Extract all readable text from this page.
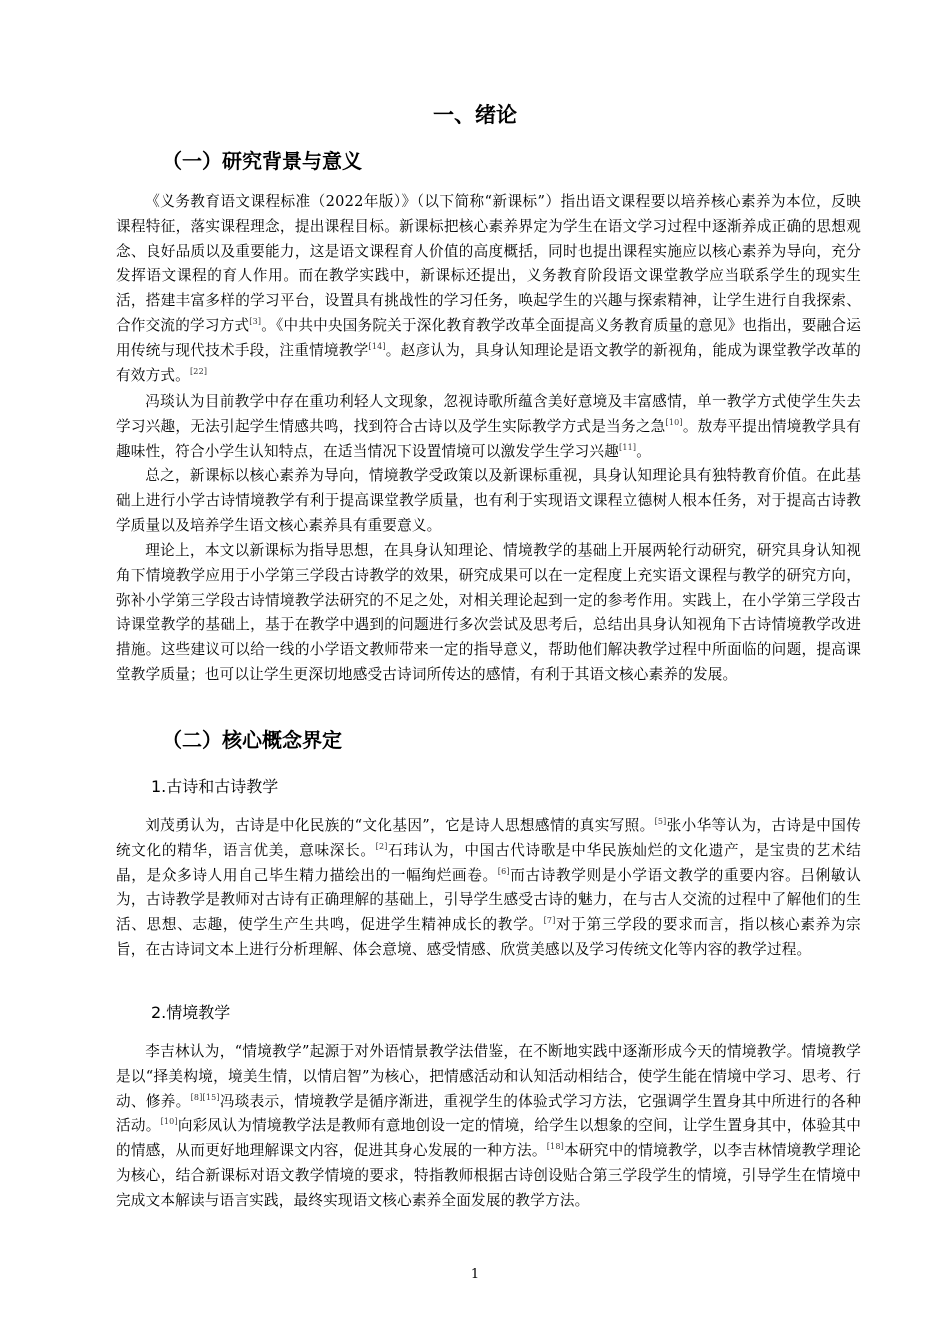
一、绪论
（一）研究背景与意义

《义务教育语文课程标准（2022年版）》（以下简称“新课标”）指出语文课程要以培养核心素养为本位，反映课程特征，落实课程理念，提出课程目标。新课标把核心素养界定为学生在语文学习过程中逐渐养成正确的思想观念、良好品质以及重要能力，这是语文课程育人价值的高度概括，同时也提出课程实施应以核心素养为导向，充分发挥语文课程的育人作用。而在教学实践中，新课标还提出，义务教育阶段语文课堂教学应当联系学生的现实生活，搭建丰富多样的学习平台，设置具有挑战性的学习任务，唤起学生的兴趣与探索精神，让学生进行自我探索、合作交流的学习方式[3]。《中共中央国务院关于深化教育教学改革全面提高义务教育质量的意见》也指出，要融合运用传统与现代技术手段，注重情境教学[14]。赵彦认为，具身认知理论是语文教学的新视角，能成为课堂教学改革的有效方式。[22]

冯琰认为目前教学中存在重功利轻人文现象，忽视诗歌所蕴含美好意境及丰富感情，单一教学方式使学生失去学习兴趣，无法引起学生情感共鸣，找到符合古诗以及学生实际教学方式是当务之急[10]。敖寿平提出情境教学具有趣味性，符合小学生认知特点，在适当情况下设置情境可以激发学生学习兴趣[11]。

总之，新课标以核心素养为导向，情境教学受政策以及新课标重视，具身认知理论具有独特教育价值。在此基础上进行小学古诗情境教学有利于提高课堂教学质量，也有利于实现语文课程立德树人根本任务，对于提高古诗教学质量以及培养学生语文核心素养具有重要意义。

理论上，本文以新课标为指导思想，在具身认知理论、情境教学的基础上开展两轮行动研究，研究具身认知视角下情境教学应用于小学第三学段古诗教学的效果，研究成果可以在一定程度上充实语文课程与教学的研究方向，弥补小学第三学段古诗情境教学法研究的不足之处，对相关理论起到一定的参考作用。实践上，在小学第三学段古诗课堂教学的基础上，基于在教学中遇到的问题进行多次尝试及思考后，总结出具身认知视角下古诗情境教学改进措施。这些建议可以给一线的小学语文教师带来一定的指导意义，帮助他们解决教学过程中所面临的问题，提高课堂教学质量；也可以让学生更深切地感受古诗词所传达的感情，有利于其语文核心素养的发展。

（二）核心概念界定
1.古诗和古诗教学

刘茂勇认为，古诗是中化民族的“文化基因”，它是诗人思想感情的真实写照。[5]张小华等认为，古诗是中国传统文化的精华，语言优美，意味深长。[2]石玮认为，中国古代诗歌是中华民族灿烂的文化遗产，是宝贵的艺术结晶，是众多诗人用自己毕生精力描绘出的一幅绚烂画卷。[6]而古诗教学则是小学语文教学的重要内容。吕俐敏认为，古诗教学是教师对古诗有正确理解的基础上，引导学生感受古诗的魅力，在与古人交流的过程中了解他们的生活、思想、志趣，使学生产生共鸣，促进学生精神成长的教学。[7]对于第三学段的要求而言，指以核心素养为宗旨，在古诗词文本上进行分析理解、体会意境、感受情感、欣赏美感以及学习传统文化等内容的教学过程。

2.情境教学

李吉林认为，“情境教学”起源于对外语情景教学法借鉴，在不断地实践中逐渐形成今天的情境教学。情境教学是以“择美构境，境美生情，以情启智”为核心，把情感活动和认知活动相结合，使学生能在情境中学习、思考、行动、修养。[8][15]冯琰表示，情境教学是循序渐进，重视学生的体验式学习方法，它强调学生置身其中所进行的各种活动。[10]向彩凤认为情境教学法是教师有意地创设一定的情境，给学生以想象的空间，让学生置身其中，体验其中的情感，从而更好地理解课文内容，促进其身心发展的一种方法。[18]本研究中的情境教学，以李吉林情境教学理论为核心，结合新课标对语文教学情境的要求，特指教师根据古诗创设贴合第三学段学生的情境，引导学生在情境中完成文本解读与语言实践，最终实现语文核心素养全面发展的教学方法。

1
